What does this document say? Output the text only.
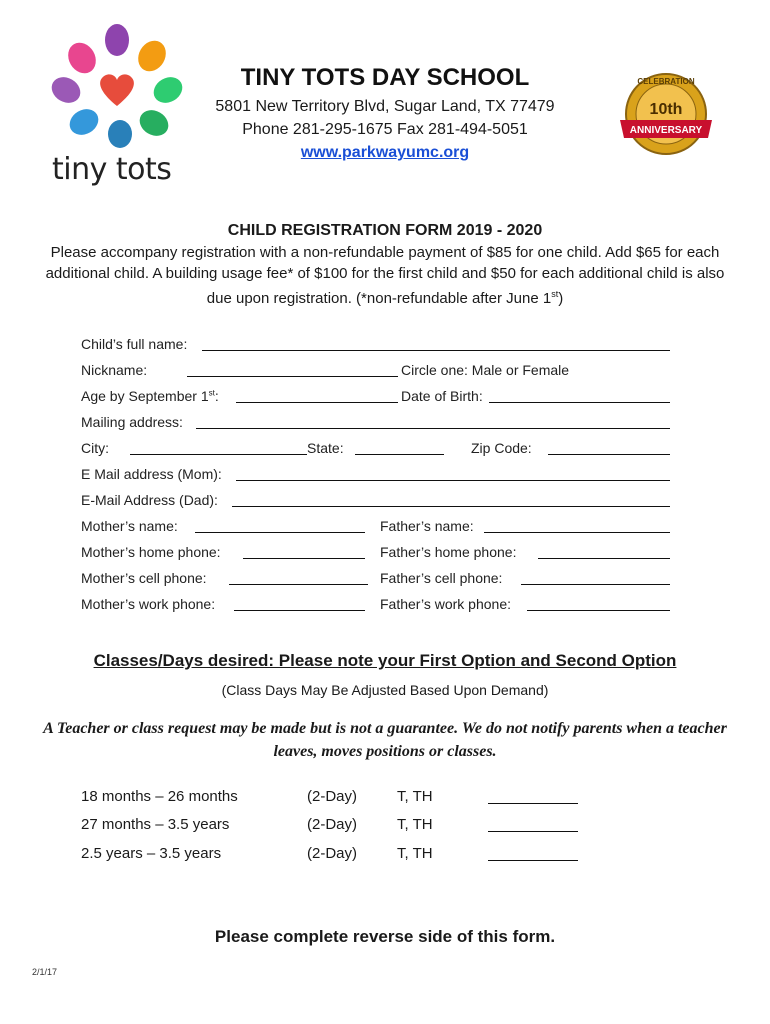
tiny tots
TINY TOTS DAY SCHOOL
5801 New Territory Blvd, Sugar Land, TX 77479
Phone 281-295-1675 Fax 281-494-5051
www.parkwayumc.org
CELEBRATION
10th
ANNIVERSARY
CHILD REGISTRATION FORM 2019 - 2020
Please accompany registration with a non-refundable payment of $85 for one child. Add $65 for each additional child. A building usage fee* of $100 for the first child and $50 for each additional child is also due upon registration. (*non-refundable after June 1st)
Child’s full name:
Nickname:	Circle one: Male or Female
Age by September 1st:	Date of Birth:
Mailing address:
City:	State:	Zip Code:
E Mail address (Mom):
E-Mail Address (Dad):
Mother’s name:	Father’s name:
Mother’s home phone:	Father’s home phone:
Mother’s cell phone:	Father’s cell phone:
Mother’s work phone:	Father’s work phone:
Classes/Days desired: Please note your First Option and Second Option
(Class Days May Be Adjusted Based Upon Demand)
A Teacher or class request may be made but is not a guarantee. We do not notify parents when a teacher leaves, moves positions or classes.
18 months – 26 months	(2-Day)	T, TH
27 months – 3.5 years	(2-Day)	T, TH
2.5 years – 3.5 years	(2-Day)	T, TH
Please complete reverse side of this form.
2/1/17
